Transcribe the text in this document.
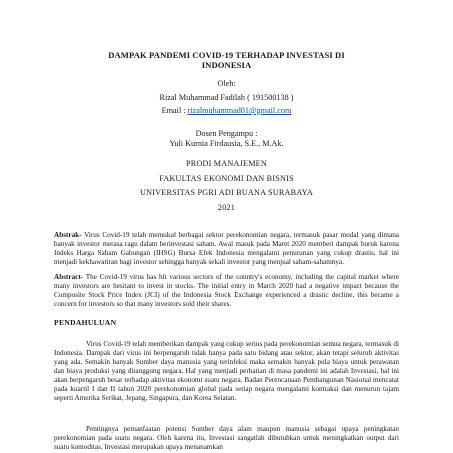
DAMPAK PANDEMI COVID-19 TERHADAP INVESTASI DI

INDONESIA

Oleh:

Rizal Muhammad Fadilah ( 191500138 )

Email : rizalmuhammad01@gmail.com

Dosen Pengampu :

Yuli Kurnia Firdausia, S.E., M.Ak.

PRODI MANAJEMEN

FAKULTAS EKONOMI DAN BISNIS

UNIVERSITAS PGRI ADI BUANA SURABAYA

2021

Abstrak- Virus Covid-19 telah memukul berbagai sektor perekonomian negara, termasuk pasar modal yang dimana banyak investor merasa ragu dalam berinvestasi saham. Awal masuk pada Maret 2020 memberi dampak buruk karena Indeks Harga Saham Gabungan (IHSG) Bursa Efek Indonesia mengalami penurunan yang cukup drastis, hal ini menjadi kekhawatiran bagi investor sehingga banyak sekali investor yang menjual saham-sahamnya.

Abstract- The Covid-19 virus has hit various sectors of the country's economy, including the capital market where many investors are hesitant to invest in stocks. The initial entry in March 2020 had a negative impact because the Composite Stock Price Index (JCI) of the Indonesia Stock Exchange experienced a drastic decline, this became a concern for investors so that many investors sold their shares.

PENDAHULUAN

Virus Covid-19 telah memberikan dampak yang cukup serius pada perekonomian semua negara, termasuk di Indonesia. Dampak dari virus ini berpengaruh tidak hanya pada satu bidang atau sektor, akan tetapi seluruh aktivitas yang ada. Semakin banyak Sumber daya manusia yang terinfeksi maka semakin banyak pula biaya untuk perawatan dan biaya produksi yang ditanggung negara. Hal yang menjadi perhatian di masa pandemi ini adalah Investasi, hal ini akan berpengaruh besar terhadap aktivitas ekonomi suatu negara. Badan Perencanaan Pembangunan Nasional mencatat pada kuartil I dan II tahun 2020 perekonomian global pada setiap negara mengalami kontraksi dan menurun tajam seperti Amerika Serikat, Jepang, Singapura, dan Korea Selatan.

Pentingnya pemanfaatan potensi Sumber daya alam maupun manusia sebagai upaya peningkatan perekonomian pada suatu negara. Oleh karena itu, Investasi sangatlah dibutuhkan untuk meningkatkan output dari suatu komoditas. Investasi merupakan upaya menanamkan
